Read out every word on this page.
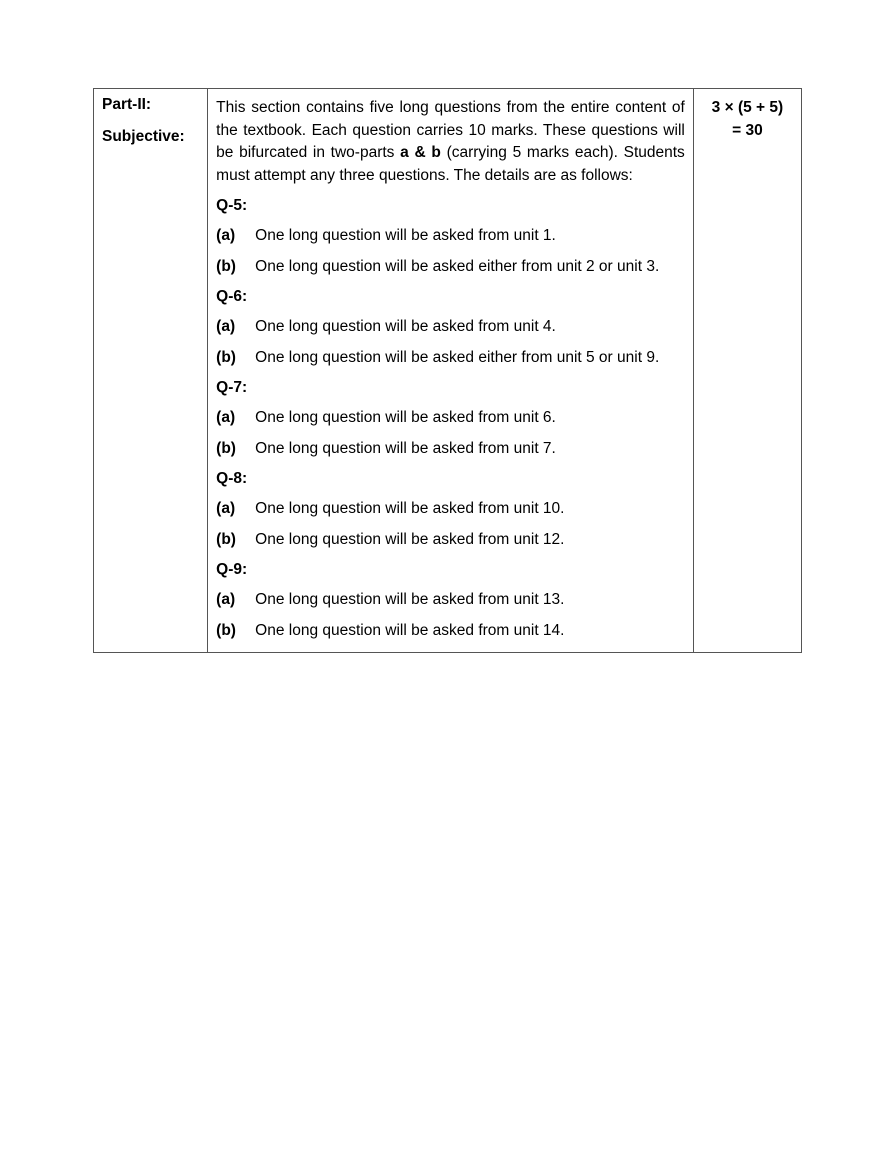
Part-II:
Subjective:

This section contains five long questions from the entire content of the textbook. Each question carries 10 marks. These questions will be bifurcated in two-parts a & b (carrying 5 marks each). Students must attempt any three questions. The details are as follows:
Q-5:
(a)	One long question will be asked from unit 1.
(b) One long question will be asked either from unit 2 or unit 3.
Q-6:
(a)	One long question will be asked from unit 4.
(b)	One long question will be asked either from unit 5 or unit 9.
Q-7:
(a)	One long question will be asked from unit 6.
(b)	One long question will be asked from unit 7.
Q-8:
(a)	One long question will be asked from unit 10.
(b)	One long question will be asked from unit 12.
Q-9:
(a)	One long question will be asked from unit 13.
(b)	One long question will be asked from unit 14.

3 × (5 + 5)
= 30
